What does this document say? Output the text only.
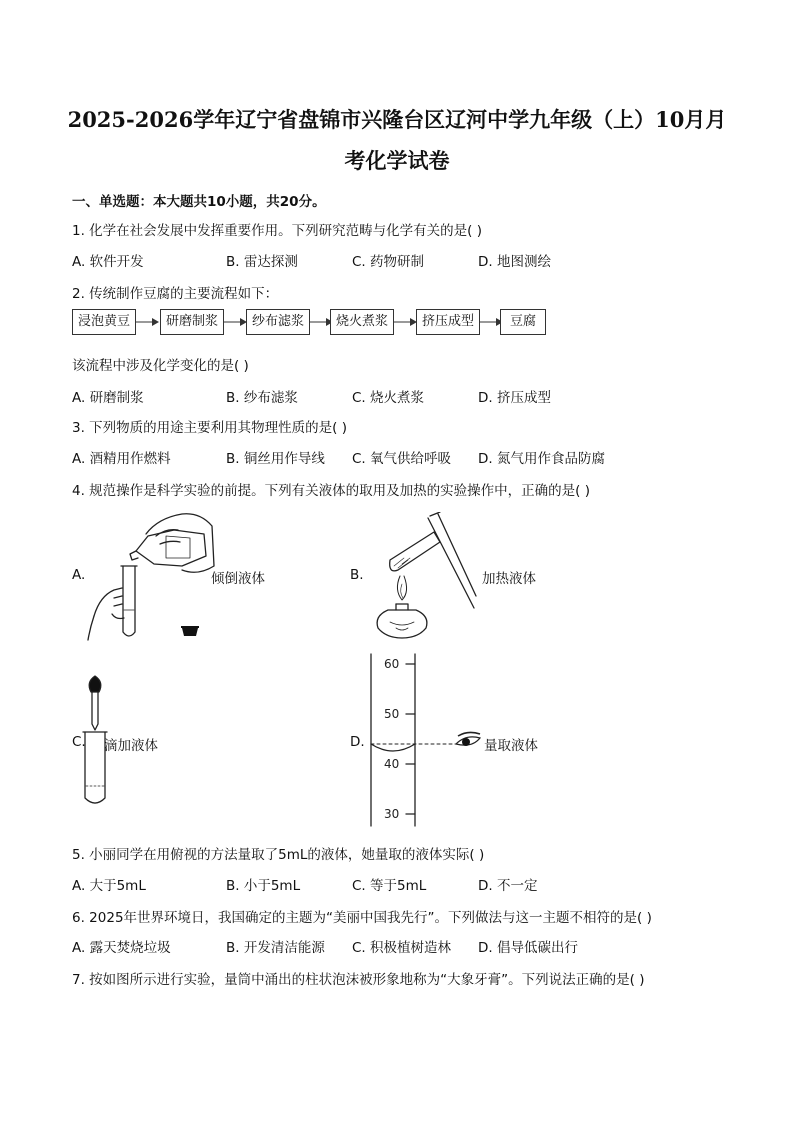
2025-2026学年辽宁省盘锦市兴隆台区辽河中学九年级（上）10月月
考化学试卷
一、单选题：本大题共10小题，共20分。
1. 化学在社会发展中发挥重要作用。下列研究范畴与化学有关的是( )
A. 软件开发	B. 雷达探测	C. 药物研制	D. 地图测绘
2. 传统制作豆腐的主要流程如下：
浸泡黄豆	研磨制浆	纱布滤浆	烧火煮浆	挤压成型	豆腐
该流程中涉及化学变化的是( )
A. 研磨制浆	B. 纱布滤浆	C. 烧火煮浆	D. 挤压成型
3. 下列物质的用途主要利用其物理性质的是( )
A. 酒精用作燃料	B. 铜丝用作导线 C. 氧气供给呼吸 D. 氮气用作食品防腐
4. 规范操作是科学实验的前提。下列有关液体的取用及加热的实验操作中，正确的是( )
A.	倾倒液体	B.	加热液体
C. 滴加液体	D.
60
50
40
30
量取液体
5. 小丽同学在用俯视的方法量取了5mL的液体，她量取的液体实际( )
A. 大于5mL	B. 小于5mL	C. 等于5mL	D. 不一定
6. 2025年世界环境日，我国确定的主题为“美丽中国我先行”。下列做法与这一主题不相符的是( )
A. 露天焚烧垃圾	B. 开发清洁能源 C. 积极植树造林 D. 倡导低碳出行
7. 按如图所示进行实验，量筒中涌出的柱状泡沫被形象地称为“大象牙膏”。下列说法正确的是( )
